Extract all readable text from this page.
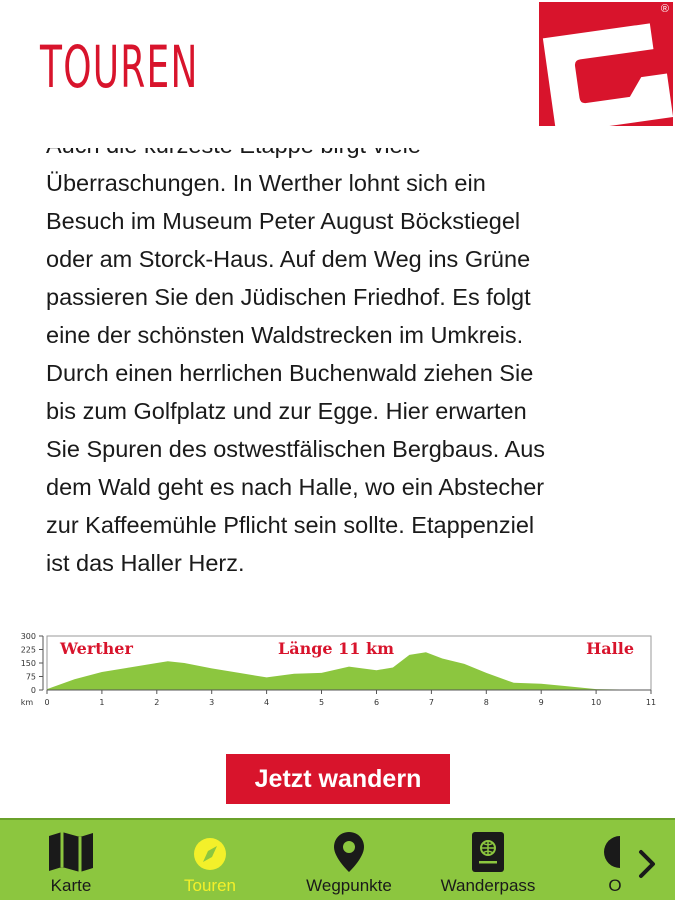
TOUREN
®
Überraschungen. In Werther lohnt sich ein
Besuch im Museum Peter August Böckstiegel
oder am Storck-Haus. Auf dem Weg ins Grüne
passieren Sie den Jüdischen Friedhof. Es folgt
eine der schönsten Waldstrecken im Umkreis.
Durch einen herrlichen Buchenwald ziehen Sie
bis zum Golfplatz und zur Egge. Hier erwarten
Sie Spuren des ostwestfälischen Bergbaus. Aus
dem Wald geht es nach Halle, wo ein Abstecher
zur Kaffeemühle Pflicht sein sollte. Etappenziel
ist das Haller Herz.
Werther	Länge 11 km	Halle
km
300
225
150
75
0
0	1	2	3	4	5	6	7	8	9	10	11
Jetzt wandern
Karte	Touren	Wegpunkte	Wanderpass	O
